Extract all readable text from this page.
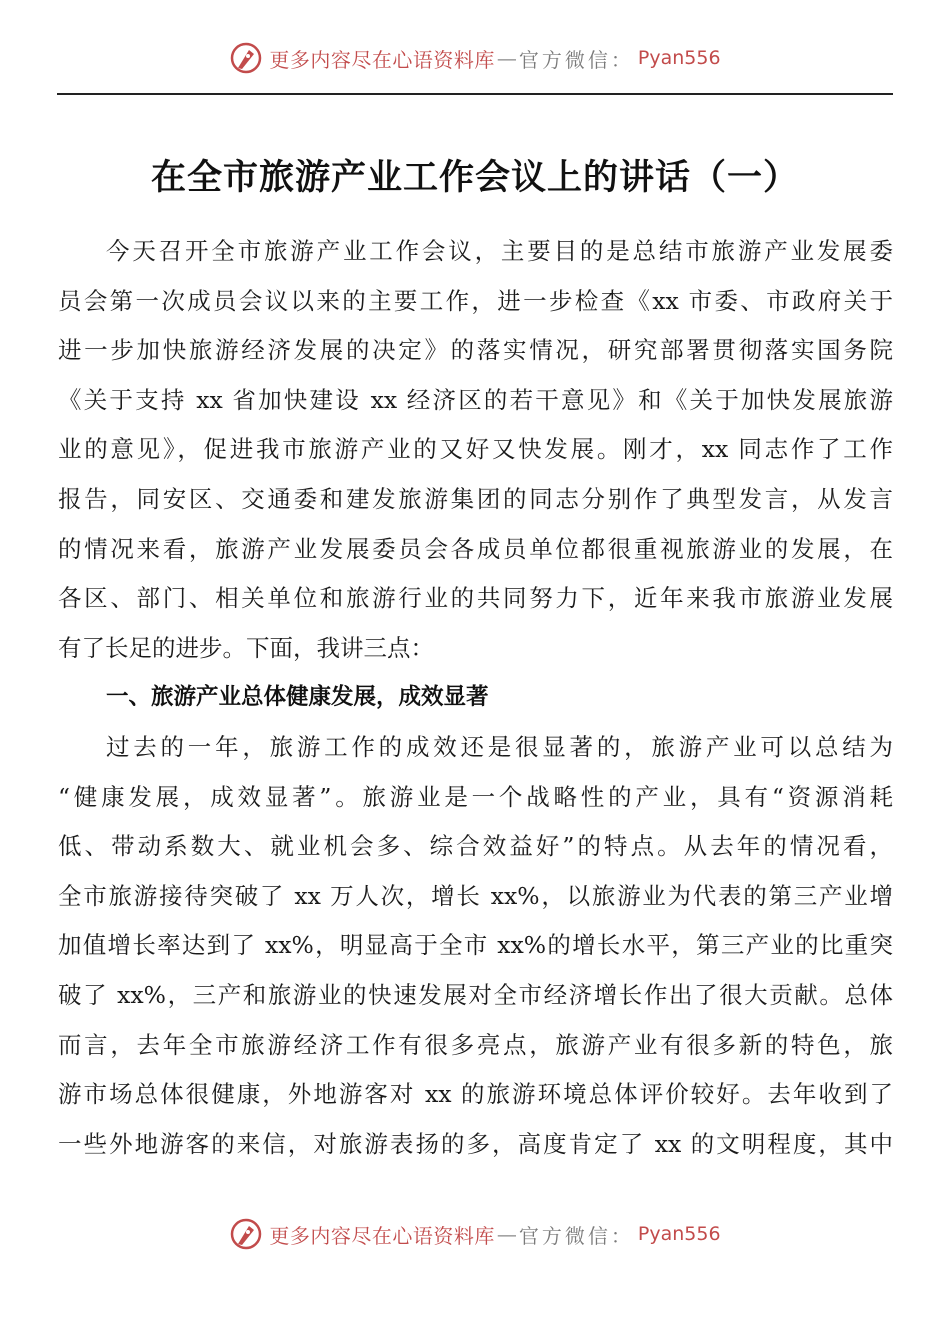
更多内容尽在心语资料库 — 官方微信： Pyan556
在全市旅游产业工作会议上的讲话（一）
今天召开全市旅游产业工作会议，主要目的是总结市旅游产业发展委
员会第一次成员会议以来的主要工作，进一步检查《xx 市委、市政府关于
进一步加快旅游经济发展的决定》的落实情况，研究部署贯彻落实国务院
《关于支持 xx 省加快建设 xx 经济区的若干意见》和《关于加快发展旅游
业的意见》，促进我市旅游产业的又好又快发展。刚才，xx 同志作了工作
报告，同安区、交通委和建发旅游集团的同志分别作了典型发言，从发言
的情况来看，旅游产业发展委员会各成员单位都很重视旅游业的发展，在
各区、部门、相关单位和旅游行业的共同努力下，近年来我市旅游业发展
有了长足的进步。下面，我讲三点：
一、旅游产业总体健康发展，成效显著
过去的一年，旅游工作的成效还是很显著的，旅游产业可以总结为
“健康发展，成效显著”。旅游业是一个战略性的产业，具有“资源消耗
低、带动系数大、就业机会多、综合效益好”的特点。从去年的情况看，
全市旅游接待突破了 xx 万人次，增长 xx%，以旅游业为代表的第三产业增
加值增长率达到了 xx%，明显高于全市 xx%的增长水平，第三产业的比重突
破了 xx%，三产和旅游业的快速发展对全市经济增长作出了很大贡献。总体
而言，去年全市旅游经济工作有很多亮点，旅游产业有很多新的特色，旅
游市场总体很健康，外地游客对 xx 的旅游环境总体评价较好。去年收到了
一些外地游客的来信，对旅游表扬的多，高度肯定了 xx 的文明程度，其中
更多内容尽在心语资料库 — 官方微信： Pyan556
